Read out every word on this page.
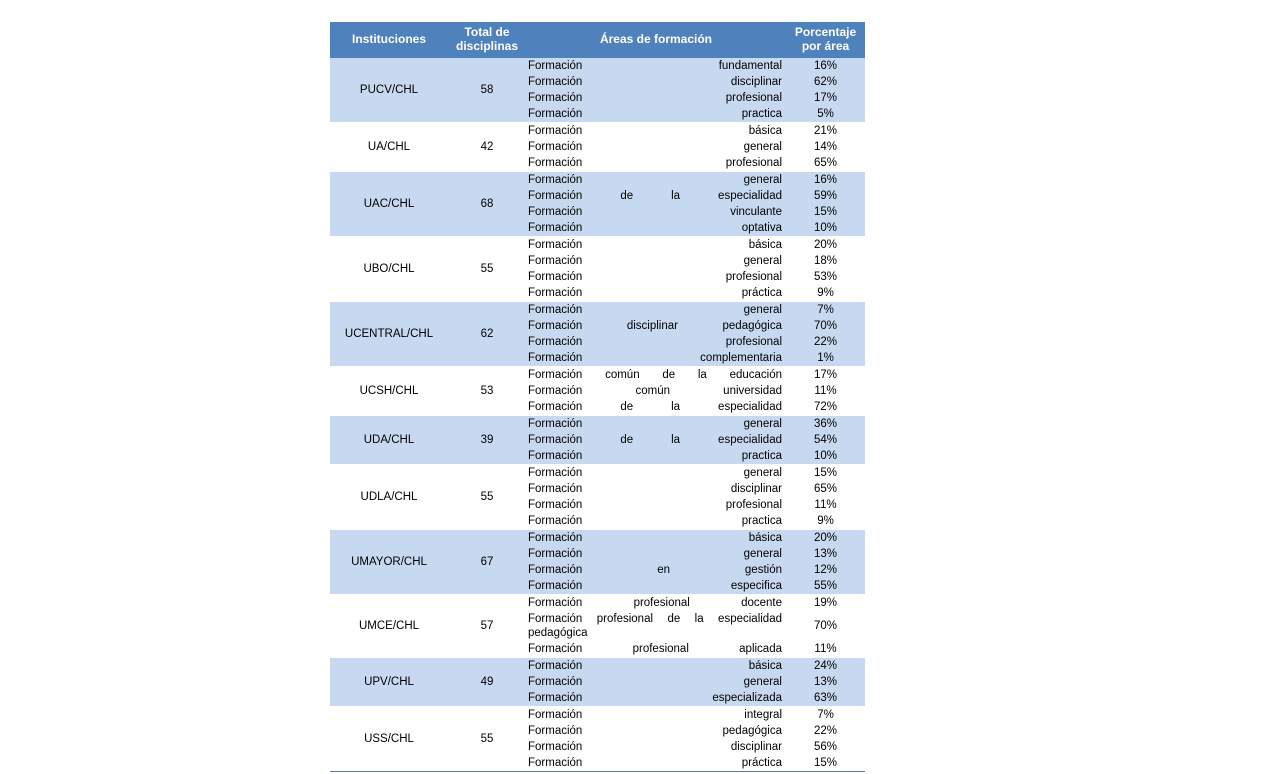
Instituciones	Total de disciplinas	Áreas de formación	Porcentaje por área
PUCV/CHL	58	Formación fundamental	16%
		Formación disciplinar	62%
		Formación profesional	17%
		Formación practica	5%
UA/CHL	42	Formación básica	21%
		Formación general	14%
		Formación profesional	65%
UAC/CHL	68	Formación general	16%
		Formación de la especialidad	59%
		Formación vinculante	15%
		Formación optativa	10%
UBO/CHL	55	Formación básica	20%
		Formación general	18%
		Formación profesional	53%
		Formación práctica	9%
UCENTRAL/CHL	62	Formación general	7%
		Formación disciplinar pedagógica	70%
		Formación profesional	22%
		Formación complementaria	1%
UCSH/CHL	53	Formación común de la educación	17%
		Formación común universidad	11%
		Formación de la especialidad	72%
UDA/CHL	39	Formación general	36%
		Formación de la especialidad	54%
		Formación practica	10%
UDLA/CHL	55	Formación general	15%
		Formación disciplinar	65%
		Formación profesional	11%
		Formación practica	9%
UMAYOR/CHL	67	Formación básica	20%
		Formación general	13%
		Formación en gestión	12%
		Formación especifica	55%
UMCE/CHL	57	Formación profesional docente	19%
		Formación profesional de la especialidad pedagógica	70%
		Formación profesional aplicada	11%
UPV/CHL	49	Formación básica	24%
		Formación general	13%
		Formación especializada	63%
USS/CHL	55	Formación integral	7%
		Formación pedagógica	22%
		Formación disciplinar	56%
		Formación práctica	15%
